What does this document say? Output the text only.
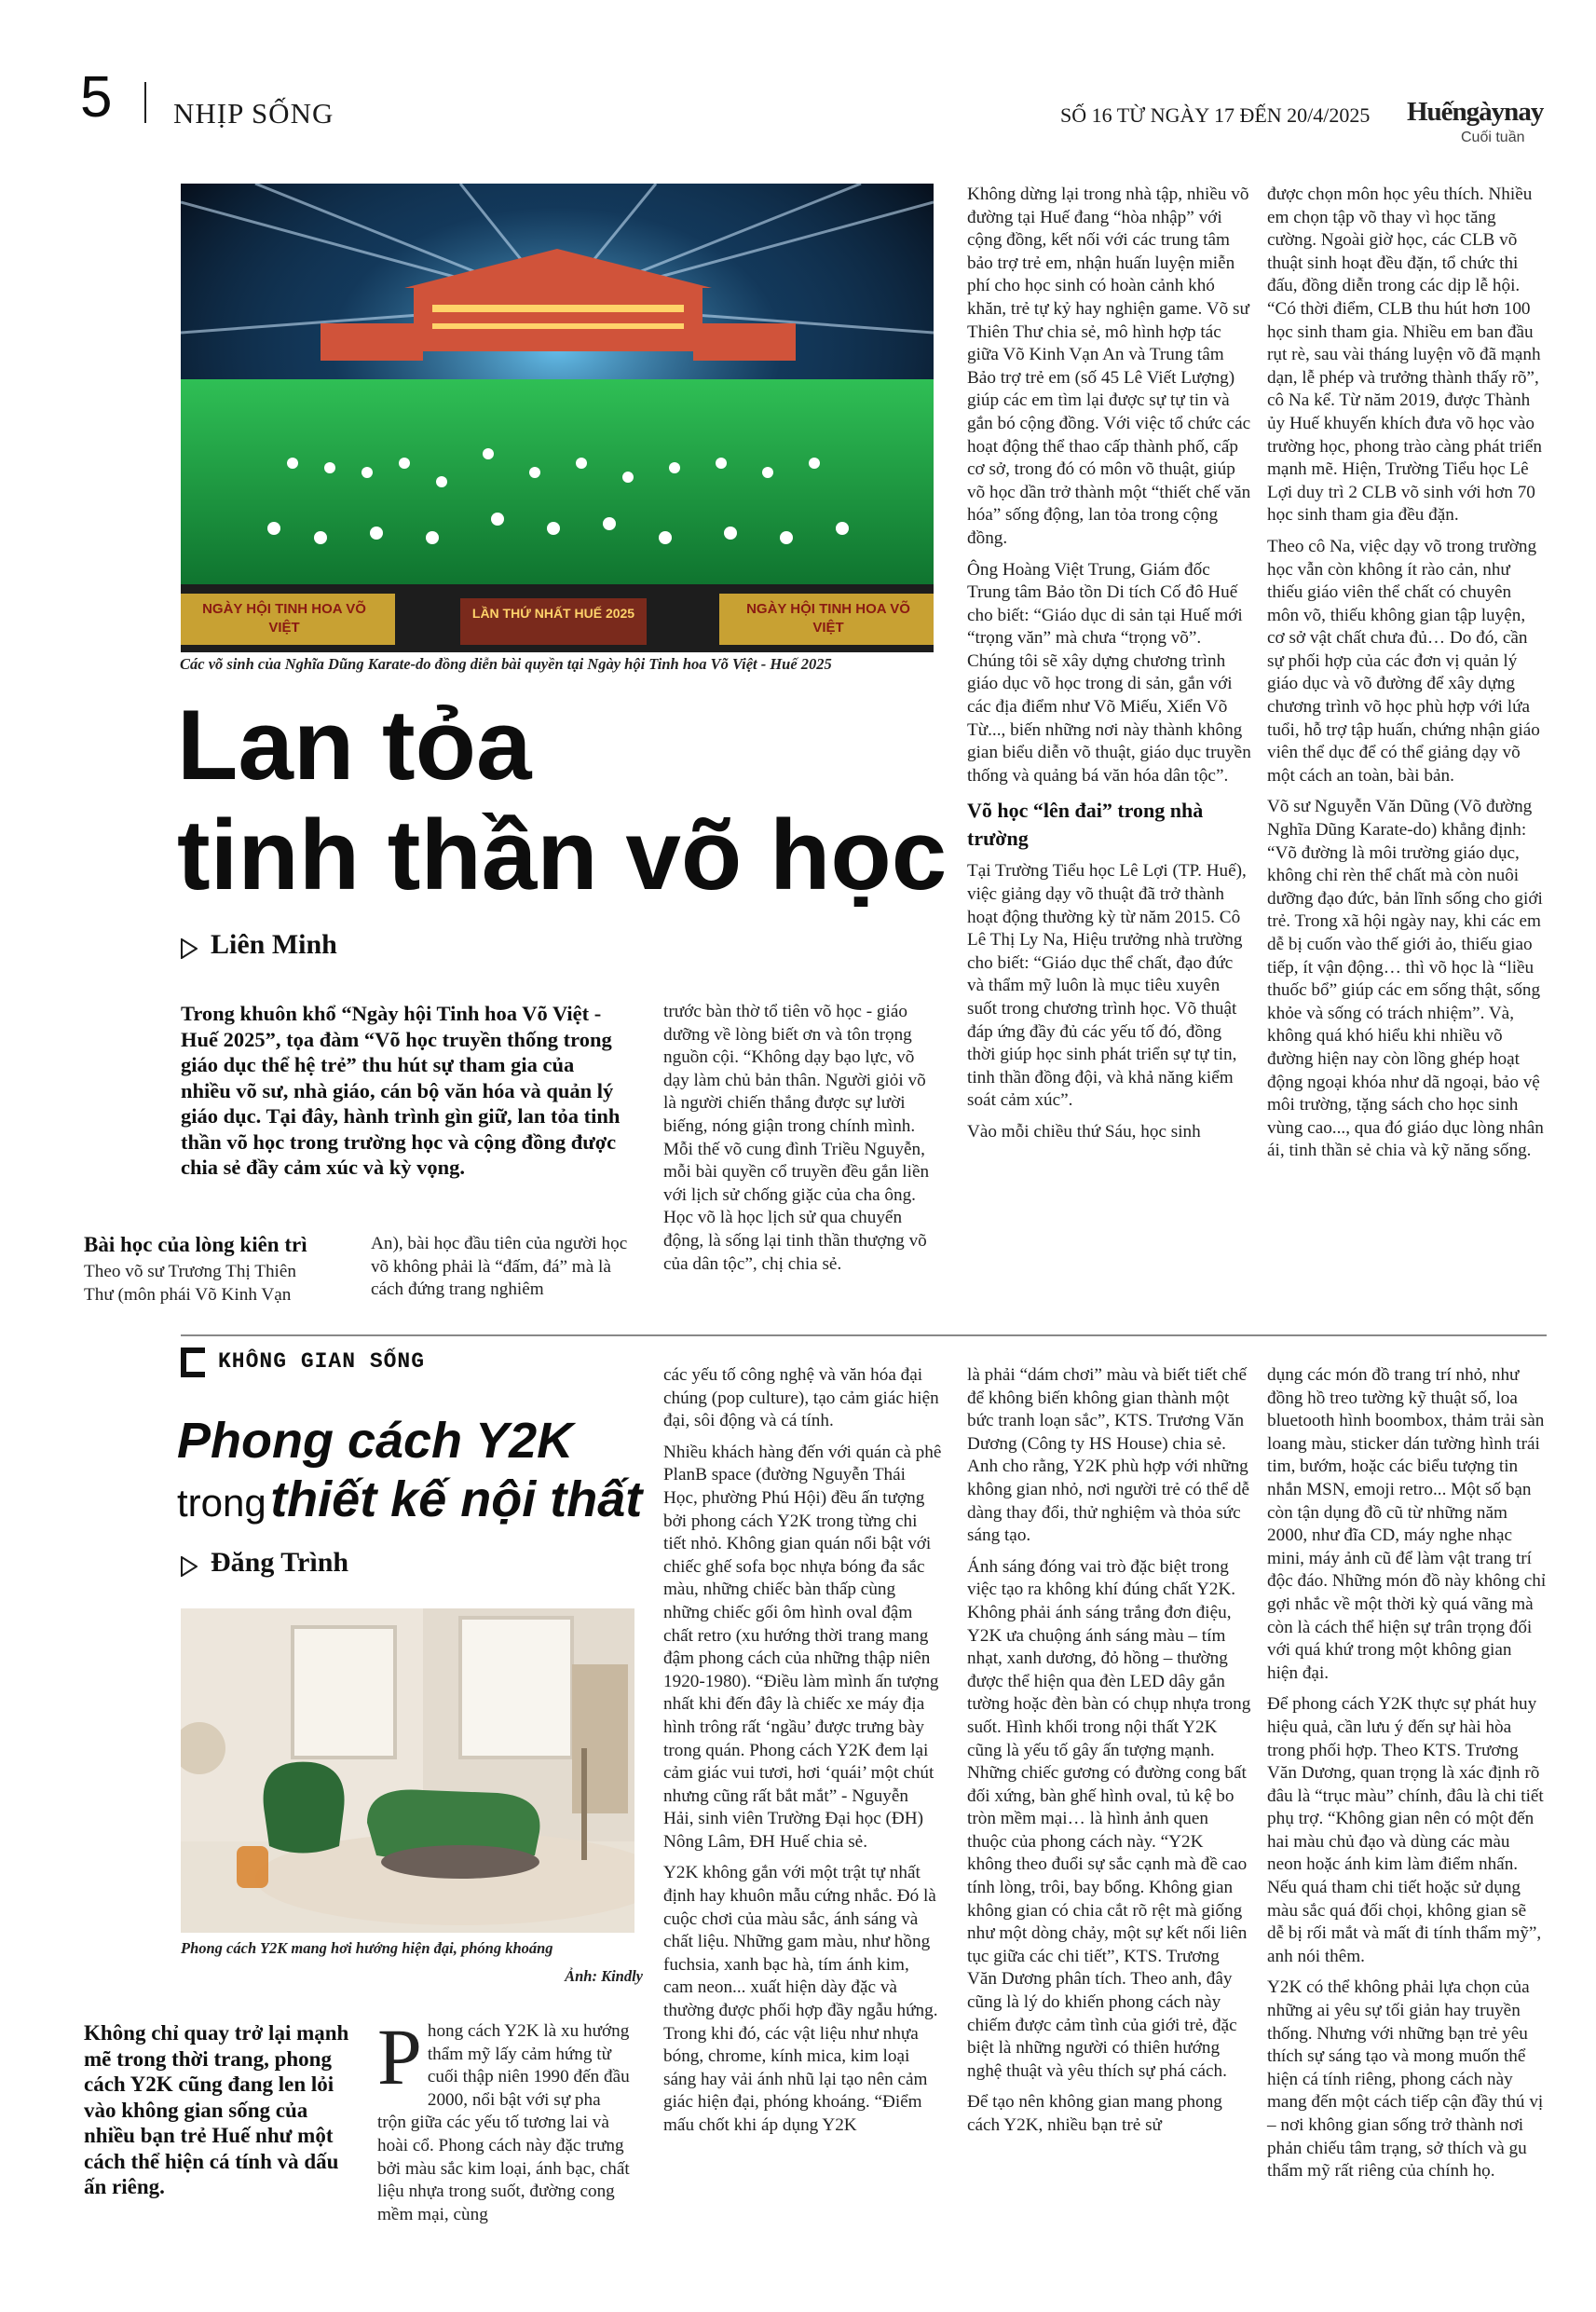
5 NHỊP SỐNG	SỐ 16 TỪ NGÀY 17 ĐẾN 20/4/2025 Huếngàynay
Cuối tuần
NGÀY HỘI TINH HOA VÕ VIỆT
LẦN THỨ NHẤT HUẾ 2025	NGÀY HỘI TINH HOA VÕ VIỆT
Các võ sinh của Nghĩa Dũng Karate-do đồng diễn bài quyền tại Ngày hội Tinh hoa Võ Việt - Huế 2025
Lan tỏa
tinh thần võ học
Liên Minh
Trong khuôn khổ “Ngày hội Tinh hoa Võ Việt - Huế 2025”, tọa đàm “Võ học truyền thống trong giáo dục thể hệ trẻ” thu hút sự tham gia của nhiều võ sư, nhà giáo, cán bộ văn hóa và quản lý giáo dục. Tại đây, hành trình gìn giữ, lan tỏa tinh thần võ học trong trường học và cộng đồng được chia sẻ đầy cảm xúc và kỳ vọng.
Bài học của lòng kiên trì

Theo võ sư Trương Thị Thiên Thư (môn phái Võ Kinh Vạn

An), bài học đầu tiên của người học võ không phải là “đấm, đá” mà là cách đứng trang nghiêm

trước bàn thờ tổ tiên võ học - giáo dưỡng về lòng biết ơn và tôn trọng nguồn cội. “Không dạy bạo lực, võ dạy làm chủ bản thân. Người giỏi võ là người chiến thắng được sự lười biếng, nóng giận trong chính mình. Mỗi thế võ cung đình Triều Nguyễn, mỗi bài quyền cổ truyền đều gắn liền với lịch sử chống giặc của cha ông. Học võ là học lịch sử qua chuyển động, là sống lại tinh thần thượng võ của dân tộc”, chị chia sẻ.

Không dừng lại trong nhà tập, nhiều võ đường tại Huế đang “hòa nhập” với cộng đồng, kết nối với các trung tâm bảo trợ trẻ em, nhận huấn luyện miễn phí cho học sinh có hoàn cảnh khó khăn, trẻ tự kỷ hay nghiện game. Võ sư Thiên Thư chia sẻ, mô hình hợp tác giữa Võ Kinh Vạn An và Trung tâm Bảo trợ trẻ em (số 45 Lê Viết Lượng) giúp các em tìm lại được sự tự tin và gắn bó cộng đồng. Với việc tổ chức các hoạt động thể thao cấp thành phố, cấp cơ sở, trong đó có môn võ thuật, giúp võ học dần trở thành một “thiết chế văn hóa” sống động, lan tỏa trong cộng đồng.

Ông Hoàng Việt Trung, Giám đốc Trung tâm Bảo tồn Di tích Cố đô Huế cho biết: “Giáo dục di sản tại Huế mới “trọng văn” mà chưa “trọng võ”. Chúng tôi sẽ xây dựng chương trình giáo dục võ học trong di sản, gắn với các địa điểm như Võ Miếu, Xiển Võ Từ..., biến những nơi này thành không gian biểu diễn võ thuật, giáo dục truyền thống và quảng bá văn hóa dân tộc”.

Võ học “lên đai” trong nhà trường

Tại Trường Tiểu học Lê Lợi (TP. Huế), việc giảng dạy võ thuật đã trở thành hoạt động thường kỳ từ năm 2015. Cô Lê Thị Ly Na, Hiệu trưởng nhà trường cho biết: “Giáo dục thể chất, đạo đức và thẩm mỹ luôn là mục tiêu xuyên suốt trong chương trình học. Võ thuật đáp ứng đầy đủ các yếu tố đó, đồng thời giúp học sinh phát triển sự tự tin, tinh thần đồng đội, và khả năng kiểm soát cảm xúc”.

Vào mỗi chiều thứ Sáu, học sinh

được chọn môn học yêu thích. Nhiều em chọn tập võ thay vì học tăng cường. Ngoài giờ học, các CLB võ thuật sinh hoạt đều đặn, tổ chức thi đấu, đồng diễn trong các dịp lễ hội. “Có thời điểm, CLB thu hút hơn 100 học sinh tham gia. Nhiều em ban đầu rụt rè, sau vài tháng luyện võ đã mạnh dạn, lễ phép và trưởng thành thấy rõ”, cô Na kể. Từ năm 2019, được Thành ủy Huế khuyến khích đưa võ học vào trường học, phong trào càng phát triển mạnh mẽ. Hiện, Trường Tiểu học Lê Lợi duy trì 2 CLB võ sinh với hơn 70 học sinh tham gia đều đặn.

Theo cô Na, việc dạy võ trong trường học vẫn còn không ít rào cản, như thiếu giáo viên thể chất có chuyên môn võ, thiếu không gian tập luyện, cơ sở vật chất chưa đủ… Do đó, cần sự phối hợp của các đơn vị quản lý giáo dục và võ đường để xây dựng chương trình võ học phù hợp với lứa tuổi, hỗ trợ tập huấn, chứng nhận giáo viên thể dục để có thể giảng dạy võ một cách an toàn, bài bản.

Võ sư Nguyễn Văn Dũng (Võ đường Nghĩa Dũng Karate-do) khẳng định: “Võ đường là môi trường giáo dục, không chỉ rèn thể chất mà còn nuôi dưỡng đạo đức, bản lĩnh sống cho giới trẻ. Trong xã hội ngày nay, khi các em dễ bị cuốn vào thế giới ảo, thiếu giao tiếp, ít vận động… thì võ học là “liều thuốc bổ” giúp các em sống thật, sống khỏe và sống có trách nhiệm”. Và, không quá khó hiểu khi nhiều võ đường hiện nay còn lồng ghép hoạt động ngoại khóa như dã ngoại, bảo vệ môi trường, tặng sách cho học sinh vùng cao..., qua đó giáo dục lòng nhân ái, tinh thần sẻ chia và kỹ năng sống.

KHÔNG GIAN SỐNG
Phong cách Y2K
trong thiết kế nội thất
Đăng Trình
Phong cách Y2K mang hơi hướng hiện đại, phóng khoáng
Ảnh: Kindly
Không chỉ quay trở lại mạnh mẽ trong thời trang, phong cách Y2K cũng đang len lỏi vào không gian sống của nhiều bạn trẻ Huế như một cách thể hiện cá tính và dấu ấn riêng.

P hong cách Y2K là xu hướng thẩm mỹ lấy cảm hứng từ cuối thập niên 1990 đến đầu 2000, nổi bật với sự pha trộn giữa các yếu tố tương lai và hoài cổ. Phong cách này đặc trưng bởi màu sắc kim loại, ánh bạc, chất liệu nhựa trong suốt, đường cong mềm mại, cùng

các yếu tố công nghệ và văn hóa đại chúng (pop culture), tạo cảm giác hiện đại, sôi động và cá tính.

Nhiều khách hàng đến với quán cà phê PlanB space (đường Nguyễn Thái Học, phường Phú Hội) đều ấn tượng bởi phong cách Y2K trong từng chi tiết nhỏ. Không gian quán nổi bật với chiếc ghế sofa bọc nhựa bóng đa sắc màu, những chiếc bàn thấp cùng những chiếc gối ôm hình oval đậm chất retro (xu hướng thời trang mang đậm phong cách của những thập niên 1920-1980). “Điều làm mình ấn tượng nhất khi đến đây là chiếc xe máy địa hình trông rất ‘ngầu’ được trưng bày trong quán. Phong cách Y2K đem lại cảm giác vui tươi, hơi ‘quái’ một chút nhưng cũng rất bắt mắt” - Nguyễn Hải, sinh viên Trường Đại học (ĐH) Nông Lâm, ĐH Huế chia sẻ.

Y2K không gắn với một trật tự nhất định hay khuôn mẫu cứng nhắc. Đó là cuộc chơi của màu sắc, ánh sáng và chất liệu. Những gam màu, như hồng fuchsia, xanh bạc hà, tím ánh kim, cam neon... xuất hiện dày đặc và thường được phối hợp đầy ngẫu hứng. Trong khi đó, các vật liệu như nhựa bóng, chrome, kính mica, kim loại sáng hay vải ánh nhũ lại tạo nên cảm giác hiện đại, phóng khoáng. “Điểm mấu chốt khi áp dụng Y2K

là phải “dám chơi” màu và biết tiết chế để không biến không gian thành một bức tranh loạn sắc”, KTS. Trương Văn Dương (Công ty HS House) chia sẻ. Anh cho rằng, Y2K phù hợp với những không gian nhỏ, nơi người trẻ có thể dễ dàng thay đổi, thử nghiệm và thỏa sức sáng tạo.

Ánh sáng đóng vai trò đặc biệt trong việc tạo ra không khí đúng chất Y2K. Không phải ánh sáng trắng đơn điệu, Y2K ưa chuộng ánh sáng màu – tím nhạt, xanh dương, đỏ hồng – thường được thể hiện qua đèn LED dây gắn tường hoặc đèn bàn có chụp nhựa trong suốt. Hình khối trong nội thất Y2K cũng là yếu tố gây ấn tượng mạnh. Những chiếc gương có đường cong bất đối xứng, bàn ghế hình oval, tủ kệ bo tròn mềm mại… là hình ảnh quen thuộc của phong cách này. “Y2K không theo đuổi sự sắc cạnh mà đề cao tính lòng, trôi, bay bổng. Không gian không gian có chia cắt rõ rệt mà giống như một dòng chảy, một sự kết nối liên tục giữa các chi tiết”, KTS. Trương Văn Dương phân tích. Theo anh, đây cũng là lý do khiến phong cách này chiếm được cảm tình của giới trẻ, đặc biệt là những người có thiên hướng nghệ thuật và yêu thích sự phá cách.

Để tạo nên không gian mang phong cách Y2K, nhiều bạn trẻ sử

dụng các món đồ trang trí nhỏ, như đồng hồ treo tường kỹ thuật số, loa bluetooth hình boombox, thảm trải sàn loang màu, sticker dán tường hình trái tim, bướm, hoặc các biểu tượng tin nhắn MSN, emoji retro... Một số bạn còn tận dụng đồ cũ từ những năm 2000, như đĩa CD, máy nghe nhạc mini, máy ảnh cũ để làm vật trang trí độc đáo. Những món đồ này không chỉ gợi nhắc về một thời kỳ quá vãng mà còn là cách thể hiện sự trân trọng đối với quá khứ trong một không gian hiện đại.

Để phong cách Y2K thực sự phát huy hiệu quả, cần lưu ý đến sự hài hòa trong phối hợp. Theo KTS. Trương Văn Dương, quan trọng là xác định rõ đâu là “trục màu” chính, đâu là chi tiết phụ trợ. “Không gian nên có một đến hai màu chủ đạo và dùng các màu neon hoặc ánh kim làm điểm nhấn. Nếu quá tham chi tiết hoặc sử dụng màu sắc quá đối chọi, không gian sẽ dễ bị rối mắt và mất đi tính thẩm mỹ”, anh nói thêm.

Y2K có thể không phải lựa chọn của những ai yêu sự tối giản hay truyền thống. Nhưng với những bạn trẻ yêu thích sự sáng tạo và mong muốn thể hiện cá tính riêng, phong cách này mang đến một cách tiếp cận đầy thú vị – nơi không gian sống trở thành nơi phản chiếu tâm trạng, sở thích và gu thẩm mỹ rất riêng của chính họ.
